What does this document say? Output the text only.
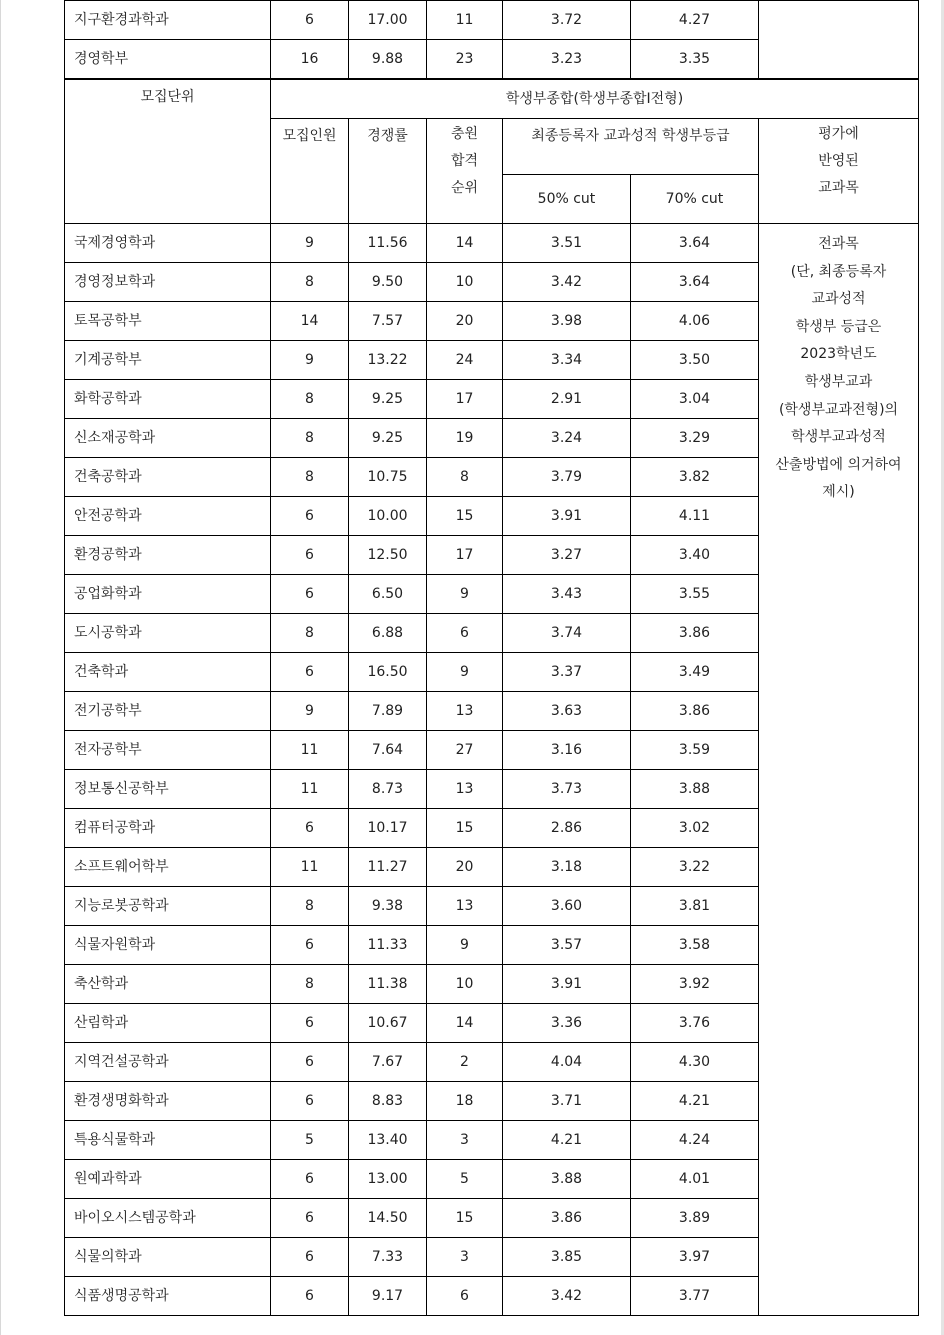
지구환경과학과	6	17.00	11	3.72	4.27	
경영학부	16	9.88	23	3.23	3.35	
모집단위	학생부종합(학생부종합I전형)					
	모집인원	경쟁률	충원
합격
순위	최종등록자 교과성적 학생부등급		평가에
반영된
교과목

				50% cut	70% cut	
국제경영학과	9	11.56	14	3.51	3.64	전과목
(단, 최종등록자
교과성적
학생부 등급은
2023학년도
학생부교과
(학생부교과전형)의
학생부교과성적
산출방법에 의거하여
제시)

경영정보학과	8	9.50	10	3.42	3.64	
토목공학부	14	7.57	20	3.98	4.06	
기계공학부	9	13.22	24	3.34	3.50	
화학공학과	8	9.25	17	2.91	3.04	
신소재공학과	8	9.25	19	3.24	3.29	
건축공학과	8	10.75	8	3.79	3.82	
안전공학과	6	10.00	15	3.91	4.11	
환경공학과	6	12.50	17	3.27	3.40	
공업화학과	6	6.50	9	3.43	3.55	
도시공학과	8	6.88	6	3.74	3.86	
건축학과	6	16.50	9	3.37	3.49	
전기공학부	9	7.89	13	3.63	3.86	
전자공학부	11	7.64	27	3.16	3.59	
정보통신공학부	11	8.73	13	3.73	3.88	
컴퓨터공학과	6	10.17	15	2.86	3.02	
소프트웨어학부	11	11.27	20	3.18	3.22	
지능로봇공학과	8	9.38	13	3.60	3.81	
식물자원학과	6	11.33	9	3.57	3.58	
축산학과	8	11.38	10	3.91	3.92	
산림학과	6	10.67	14	3.36	3.76	
지역건설공학과	6	7.67	2	4.04	4.30	
환경생명화학과	6	8.83	18	3.71	4.21	
특용식물학과	5	13.40	3	4.21	4.24	
원예과학과	6	13.00	5	3.88	4.01	
바이오시스템공학과	6	14.50	15	3.86	3.89	
식물의학과	6	7.33	3	3.85	3.97	
식품생명공학과	6	9.17	6	3.42	3.77	
